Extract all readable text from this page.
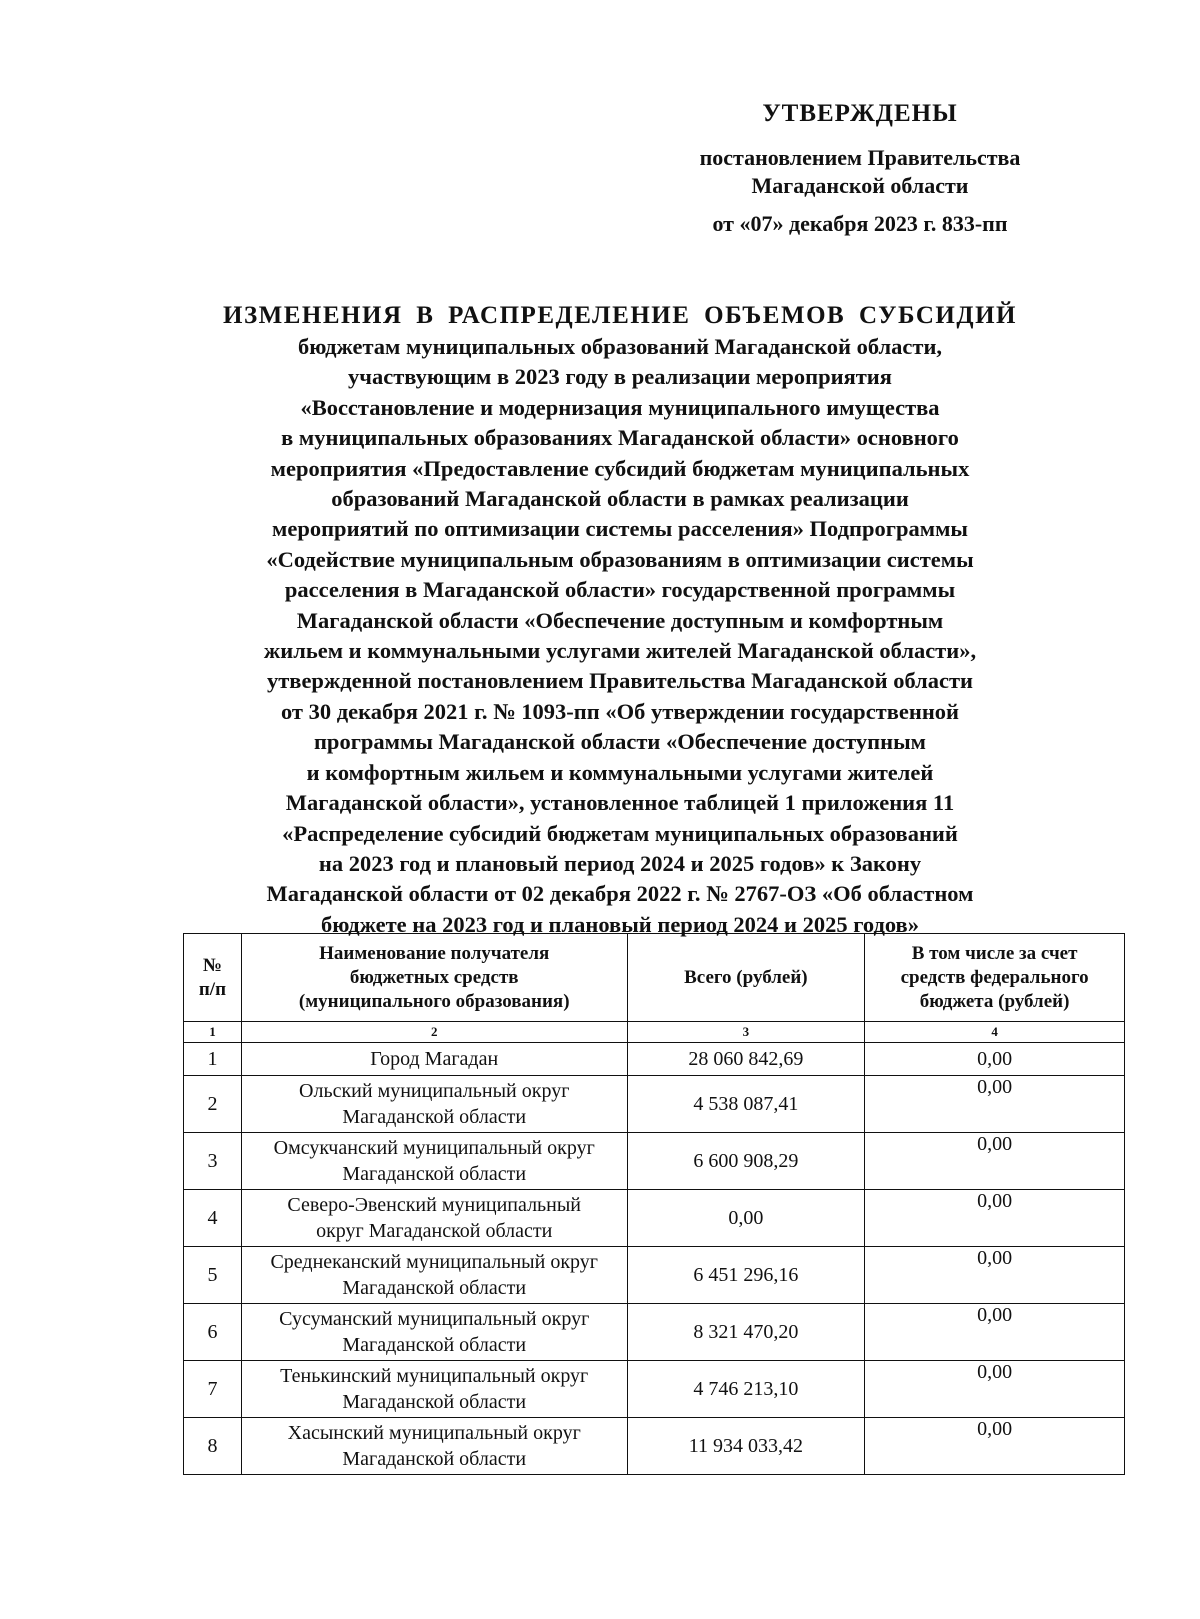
УТВЕРЖДЕНЫ
постановлением Правительства
Магаданской области
от «07» декабря 2023 г. 833-пп
ИЗМЕНЕНИЯ В РАСПРЕДЕЛЕНИЕ ОБЪЕМОВ СУБСИДИЙ
бюджетам муниципальных образований Магаданской области,
участвующим в 2023 году в реализации мероприятия
«Восстановление и модернизация муниципального имущества
в муниципальных образованиях Магаданской области» основного
мероприятия «Предоставление субсидий бюджетам муниципальных
образований Магаданской области в рамках реализации
мероприятий по оптимизации системы расселения» Подпрограммы
«Содействие муниципальным образованиям в оптимизации системы
расселения в Магаданской области» государственной программы
Магаданской области «Обеспечение доступным и комфортным
жильем и коммунальными услугами жителей Магаданской области»,
утвержденной постановлением Правительства Магаданской области
от 30 декабря 2021 г. № 1093-пп «Об утверждении государственной
программы Магаданской области «Обеспечение доступным
и комфортным жильем и коммунальными услугами жителей
Магаданской области», установленное таблицей 1 приложения 11
«Распределение субсидий бюджетам муниципальных образований
на 2023 год и плановый период 2024 и 2025 годов» к Закону
Магаданской области от 02 декабря 2022 г. № 2767-ОЗ «Об областном
бюджете на 2023 год и плановый период 2024 и 2025 годов»
№
п/п	Наименование получателя
бюджетных средств
(муниципального образования)	Всего (рублей)	В том числе за счет
средств федерального
бюджета (рублей)

1	2	3	4
1	Город Магадан	28 060 842,69	0,00
2	Ольский муниципальный округ
Магаданской области	4 538 087,41	0,00
3	Омсукчанский муниципальный округ
Магаданской области	6 600 908,29	0,00
4	Северо-Эвенский муниципальный
округ Магаданской области	0,00	0,00
5	Среднеканский муниципальный округ
Магаданской области	6 451 296,16	0,00
6	Сусуманский муниципальный округ
Магаданской области	8 321 470,20	0,00
7	Тенькинский муниципальный округ
Магаданской области	4 746 213,10	0,00
8	Хасынский муниципальный округ
Магаданской области	11 934 033,42	0,00
